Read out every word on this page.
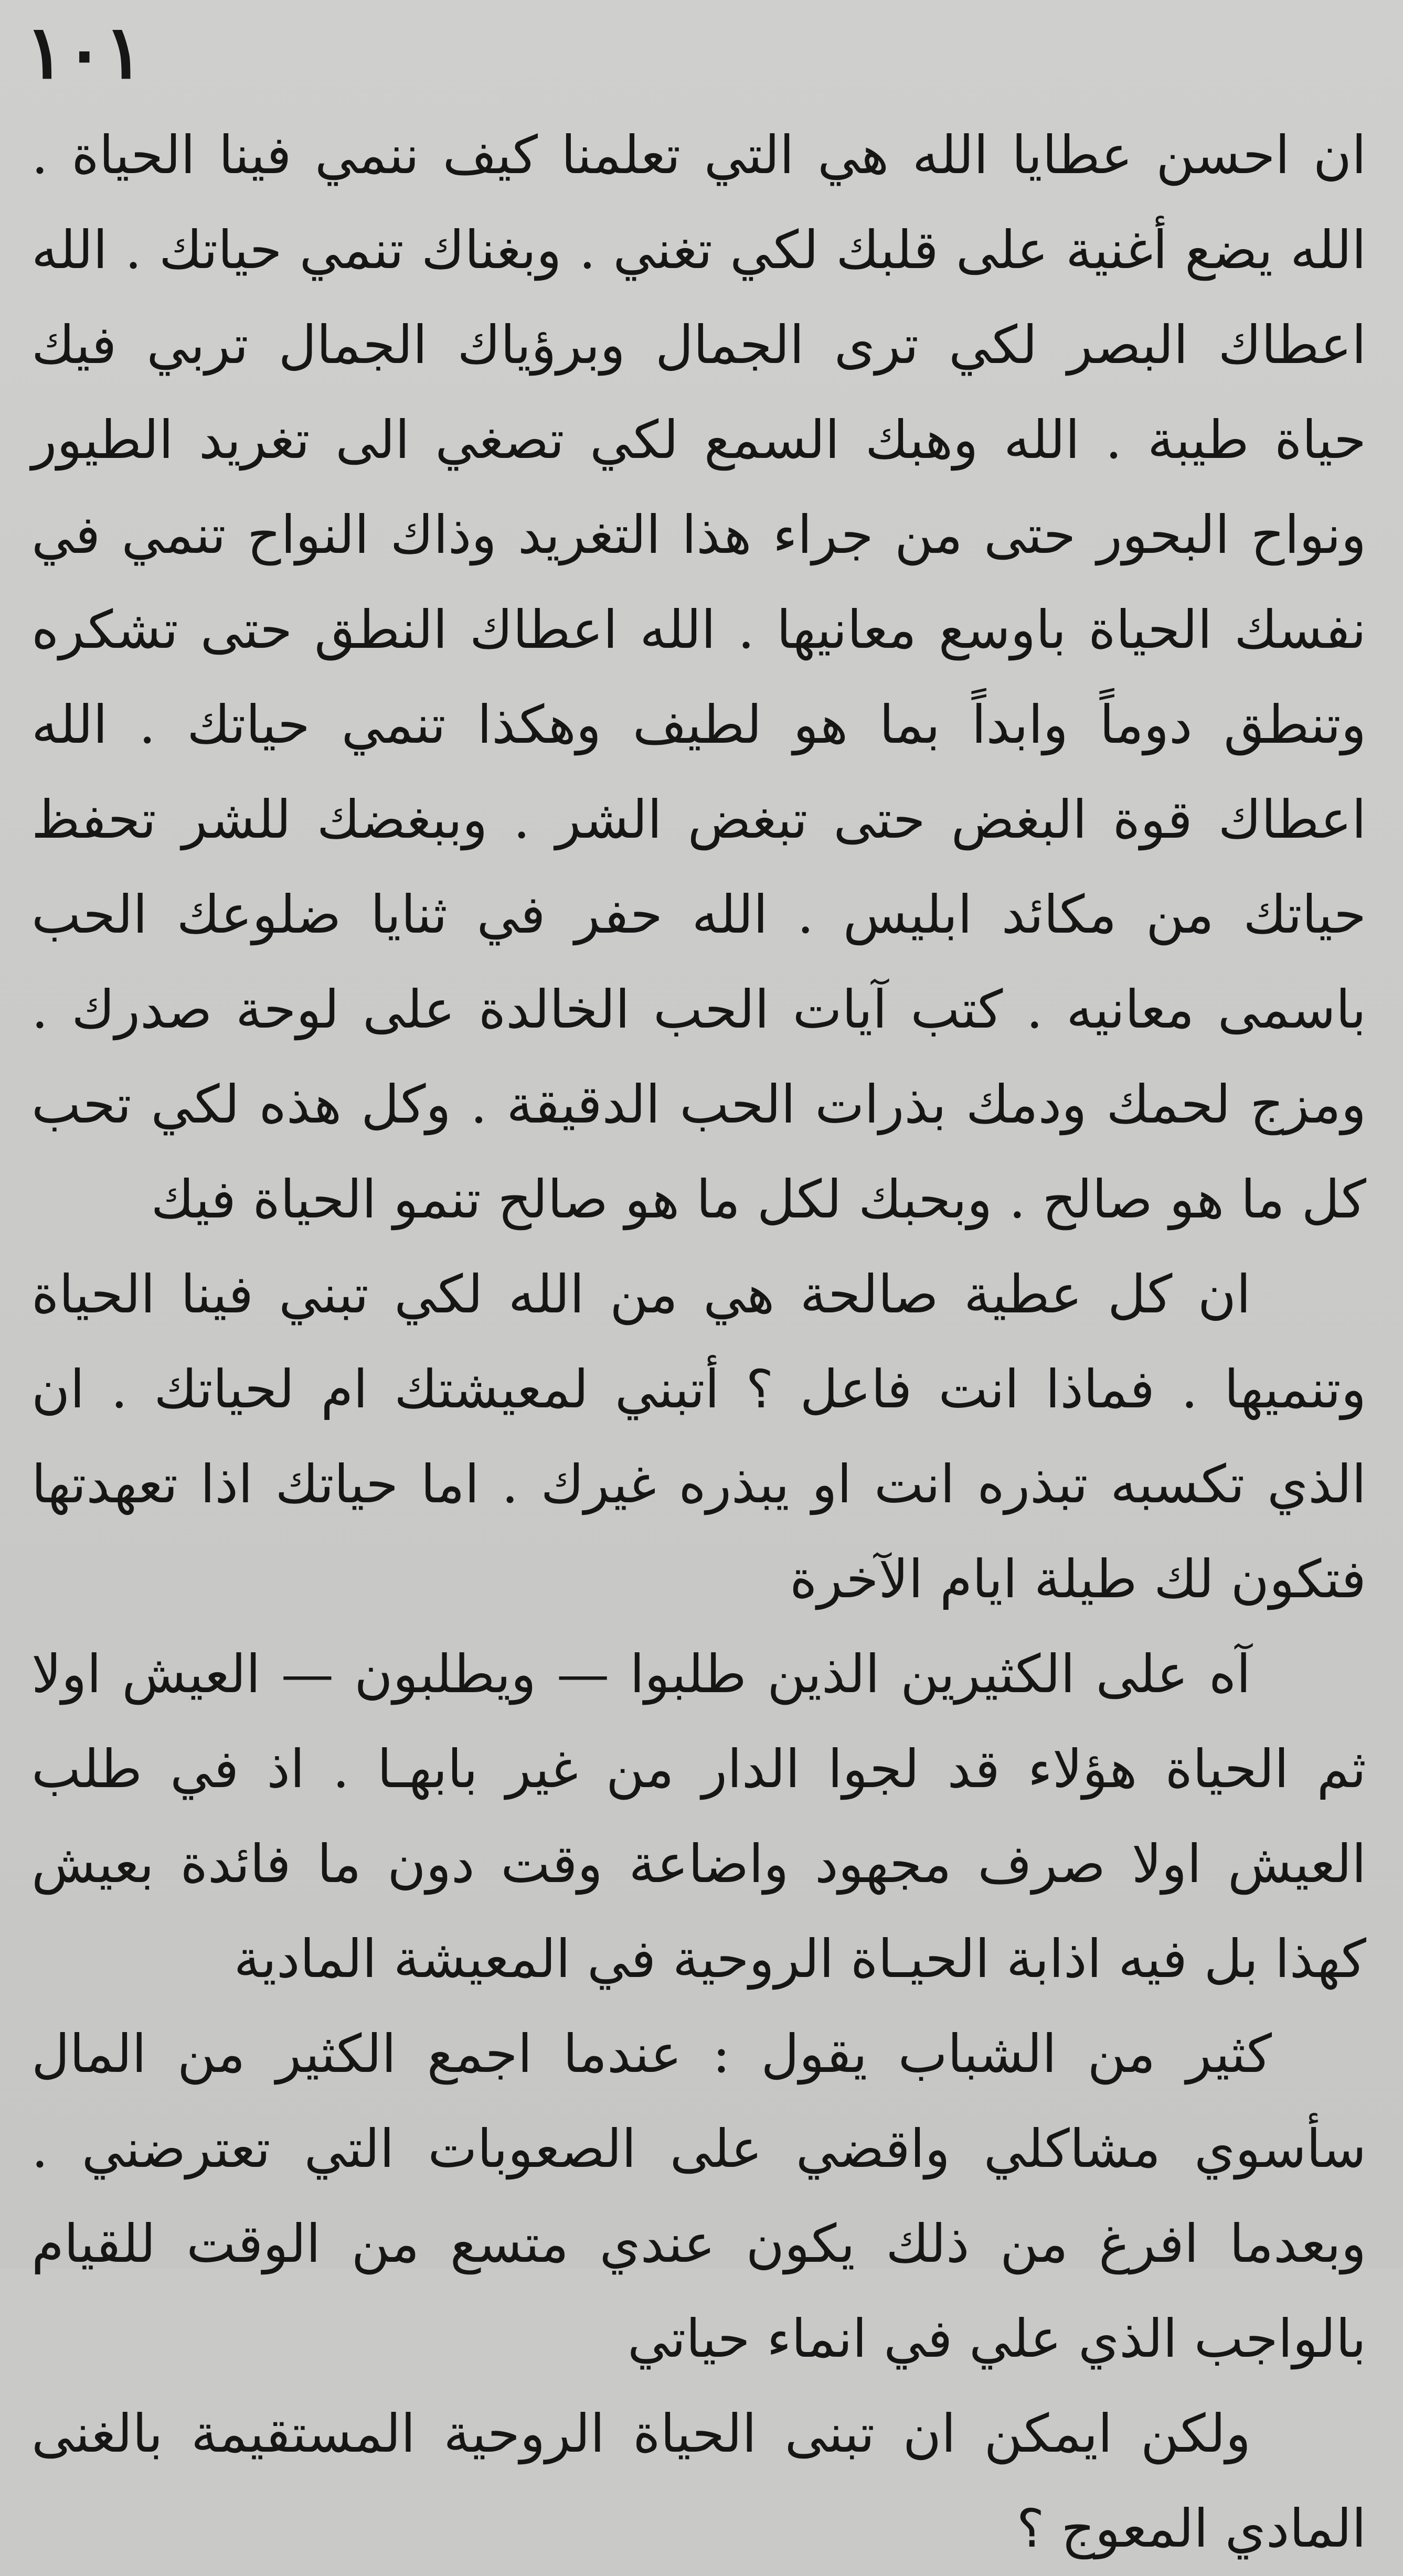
١٠١

ان احسن عطايا الله هي التي تعلمنا كيف ننمي فينا الحياة . الله يضع أغنية على قلبك لكي تغني . وبغناك تنمي حياتك . الله اعطاك البصر لكي ترى الجمال وبرؤياك الجمال تربي فيك حياة طيبة . الله وهبك السمع لكي تصغي الى تغريد الطيور ونواح البحور حتى من جراء هذا التغريد وذاك النواح تنمي في نفسك الحياة باوسع معانيها . الله اعطاك النطق حتى تشكره وتنطق دوماً وابداً بما هو لطيف وهكذا تنمي حياتك . الله اعطاك قوة البغض حتى تبغض الشر . وببغضك للشر تحفظ حياتك من مكائد ابليس . الله حفر في ثنايا ضلوعك الحب باسمى معانيه . كتب آيات الحب الخالدة على لوحة صدرك . ومزج لحمك ودمك بذرات الحب الدقيقة . وكل هذه لكي تحب كل ما هو صالح . وبحبك لكل ما هو صالح تنمو الحياة فيك

ان كل عطية صالحة هي من الله لكي تبني فينا الحياة وتنميها . فماذا انت فاعل ؟ أتبني لمعيشتك ام لحياتك . ان الذي تكسبه تبذره انت او يبذره غيرك . اما حياتك اذا تعهدتها فتكون لك طيلة ايام الآخرة

آه على الكثيرين الذين طلبوا — ويطلبون — العيش اولا ثم الحياة هؤلاء قد لجوا الدار من غير بابهـا . اذ في طلب العيش اولا صرف مجهود واضاعة وقت دون ما فائدة بعيش كهذا بل فيه اذابة الحيـاة الروحية في المعيشة المادية

كثير من الشباب يقول : عندما اجمع الكثير من المال سأسوي مشاكلي واقضي على الصعوبات التي تعترضني . وبعدما افرغ من ذلك يكون عندي متسع من الوقت للقيام بالواجب الذي علي في انماء حياتي

ولكن ايمكن ان تبنى الحياة الروحية المستقيمة بالغنى المادي المعوج ؟
